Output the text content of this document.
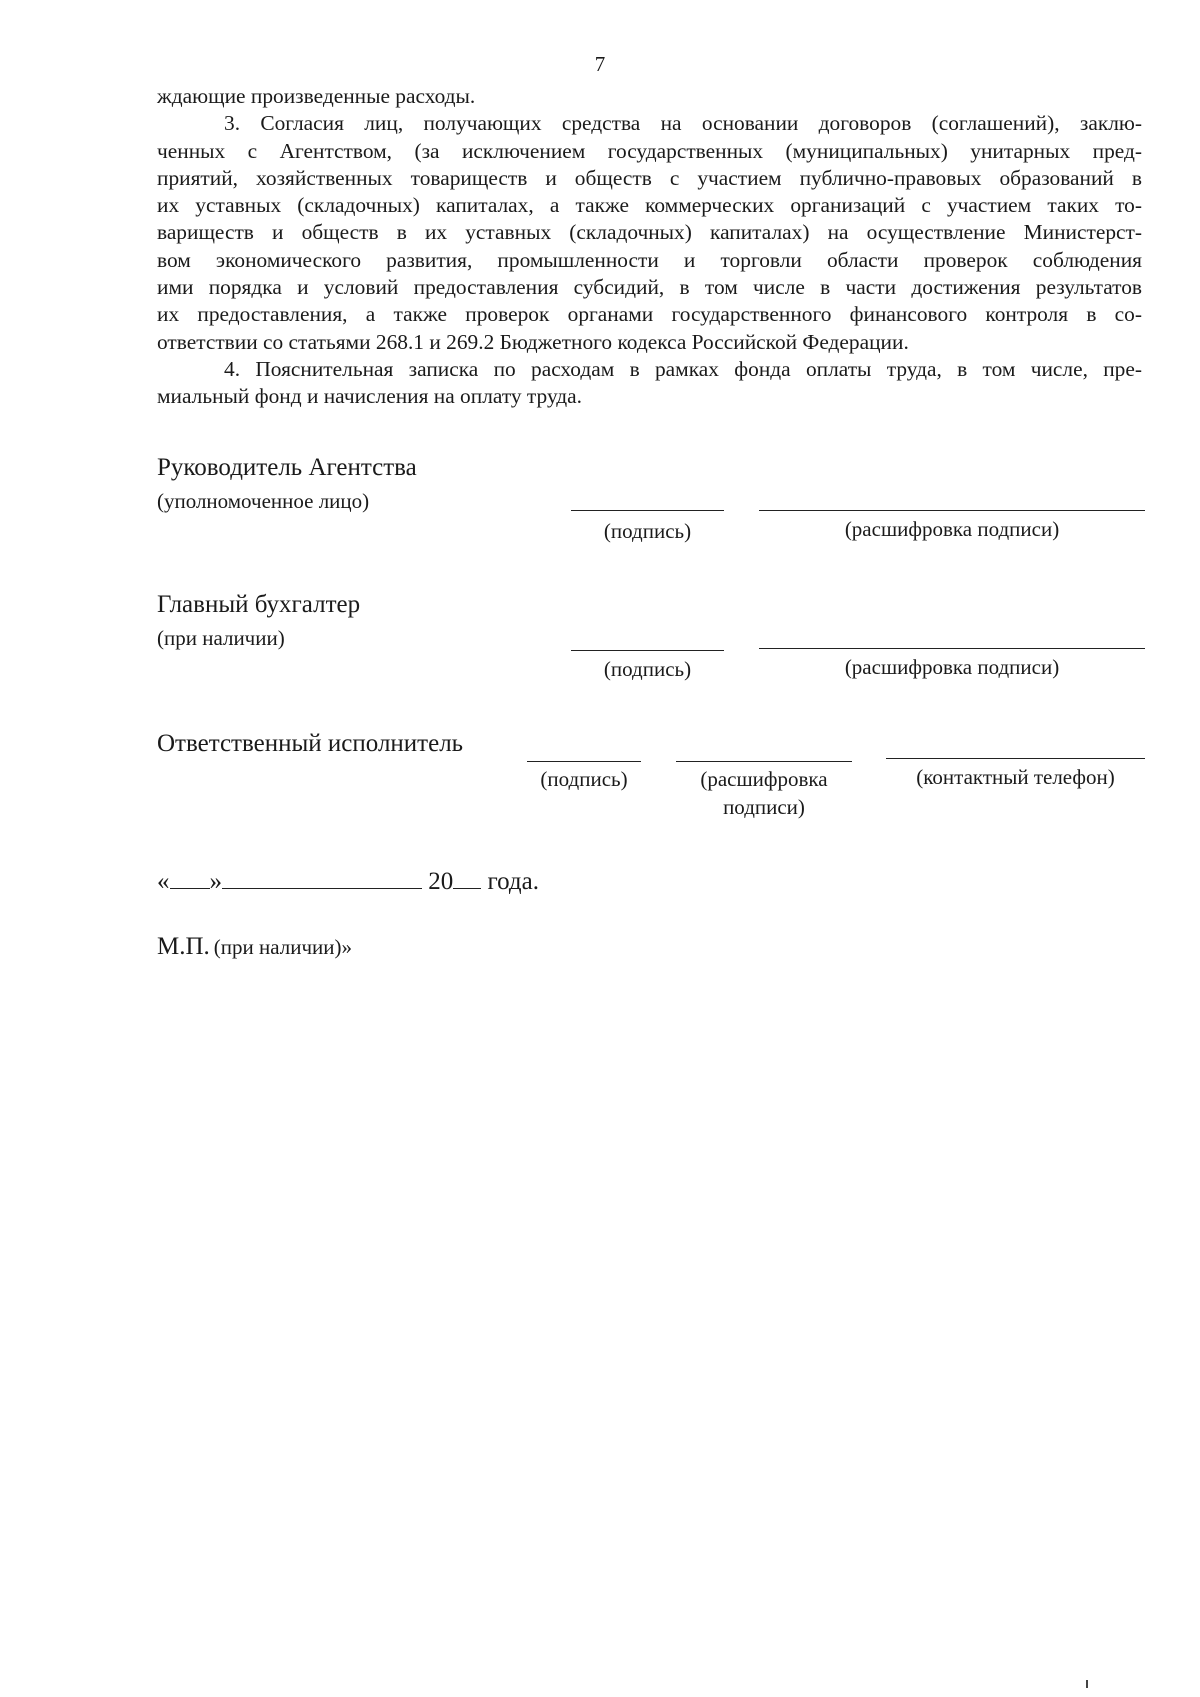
7
ждающие произведенные расходы.
3. Согласия лиц, получающих средства на основании договоров (соглашений), заклю-
ченных с Агентством, (за исключением государственных (муниципальных) унитарных пред-
приятий, хозяйственных товариществ и обществ с участием публично-правовых образований в
их уставных (складочных) капиталах, а также коммерческих организаций с участием таких то-
вариществ и обществ в их уставных (складочных) капиталах) на осуществление Министерст-
вом экономического развития, промышленности и торговли области проверок соблюдения
ими порядка и условий предоставления субсидий, в том числе в части достижения результатов
их предоставления, а также проверок органами государственного финансового контроля в со-
ответствии со статьями 268.1 и 269.2 Бюджетного кодекса Российской Федерации.
4. Пояснительная записка по расходам в рамках фонда оплаты труда, в том числе, пре-
миальный фонд и начисления на оплату труда.
Руководитель Агентства
(уполномоченное лицо)
(подпись)	(расшифровка подписи)
Главный бухгалтер
(при наличии)
(подпись)	(расшифровка подписи)
Ответственный исполнитель
(подпись)	(расшифровка
подписи)
(контактный телефон)
« »	20 года.
М.П. (при наличии)»
